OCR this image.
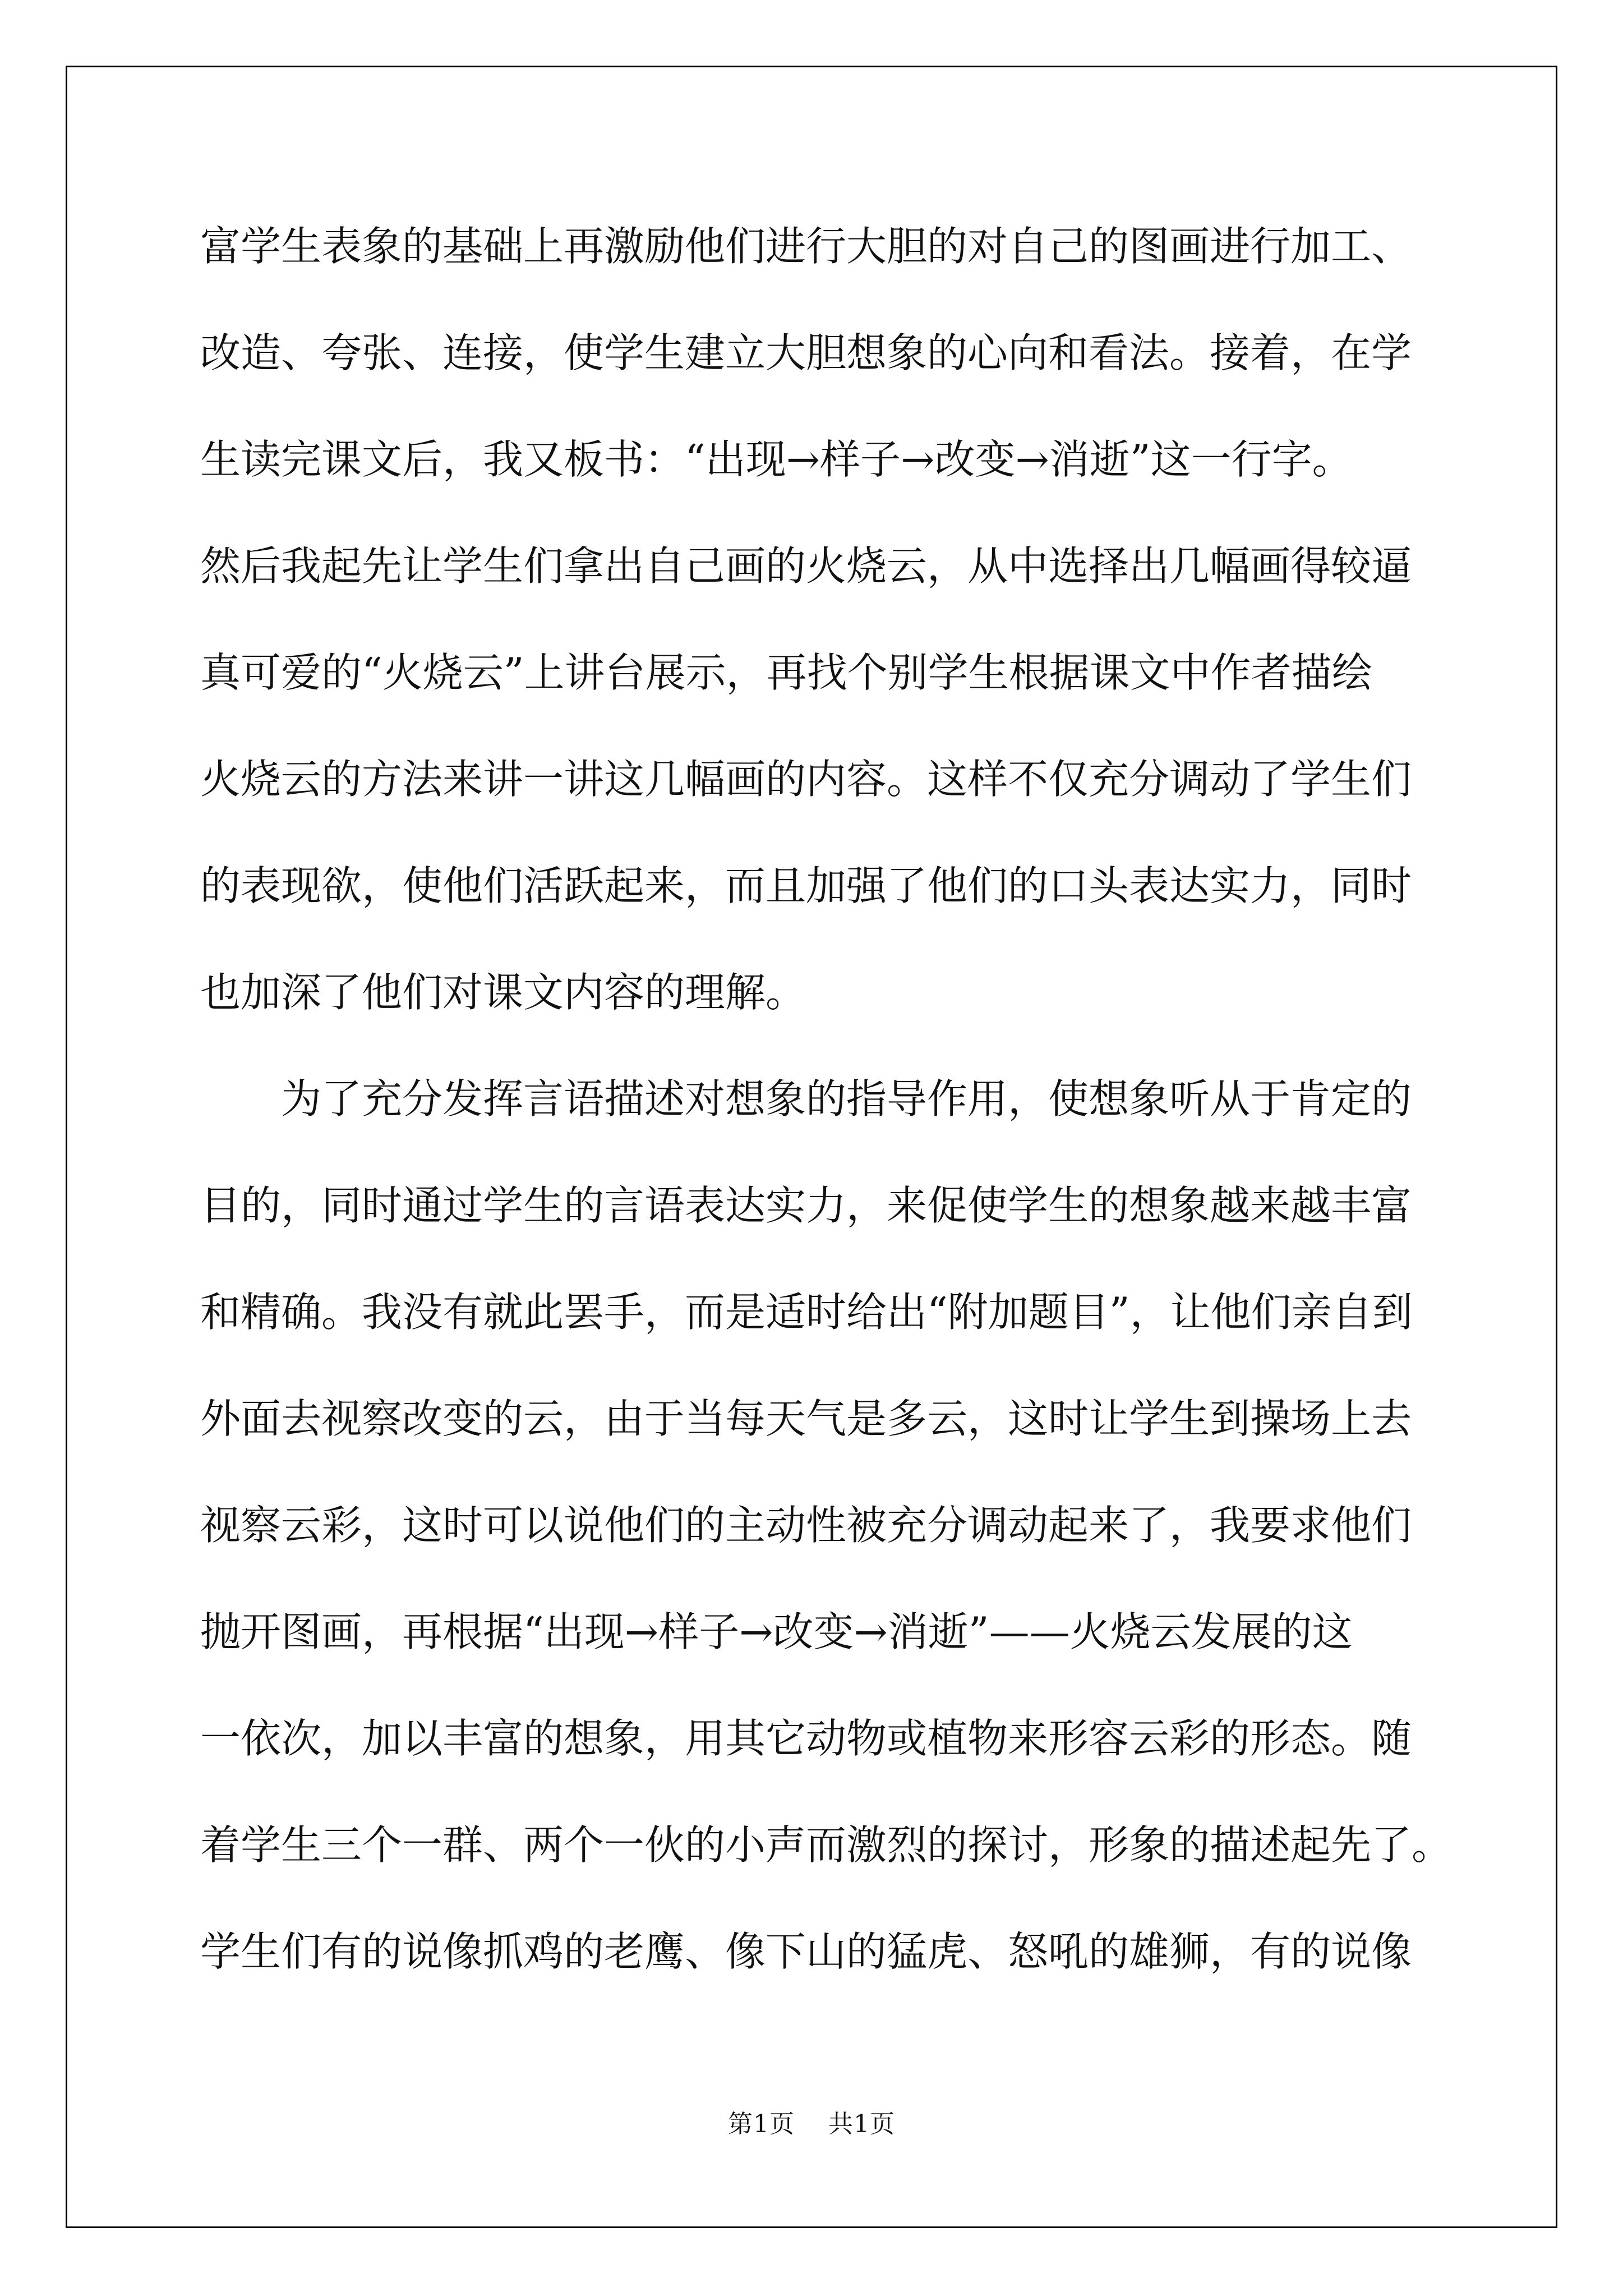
富学生表象的基础上再激励他们进行大胆的对自己的图画进行加工、
改造、夸张、连接，使学生建立大胆想象的心向和看法。接着，在学
生读完课文后，我又板书：“出现→样子→改变→消逝”这一行字。
然后我起先让学生们拿出自己画的火烧云，从中选择出几幅画得较逼
真可爱的“火烧云”上讲台展示，再找个别学生根据课文中作者描绘
火烧云的方法来讲一讲这几幅画的内容。这样不仅充分调动了学生们
的表现欲，使他们活跃起来，而且加强了他们的口头表达实力，同时
也加深了他们对课文内容的理解。
为了充分发挥言语描述对想象的指导作用，使想象听从于肯定的
目的，同时通过学生的言语表达实力，来促使学生的想象越来越丰富
和精确。我没有就此罢手，而是适时给出“附加题目”，让他们亲自到
外面去视察改变的云，由于当每天气是多云，这时让学生到操场上去
视察云彩，这时可以说他们的主动性被充分调动起来了，我要求他们
抛开图画，再根据“出现→样子→改变→消逝”——火烧云发展的这
一依次，加以丰富的想象，用其它动物或植物来形容云彩的形态。随
着学生三个一群、两个一伙的小声而激烈的探讨，形象的描述起先了。
学生们有的说像抓鸡的老鹰、像下山的猛虎、怒吼的雄狮，有的说像
第1页 共1页
